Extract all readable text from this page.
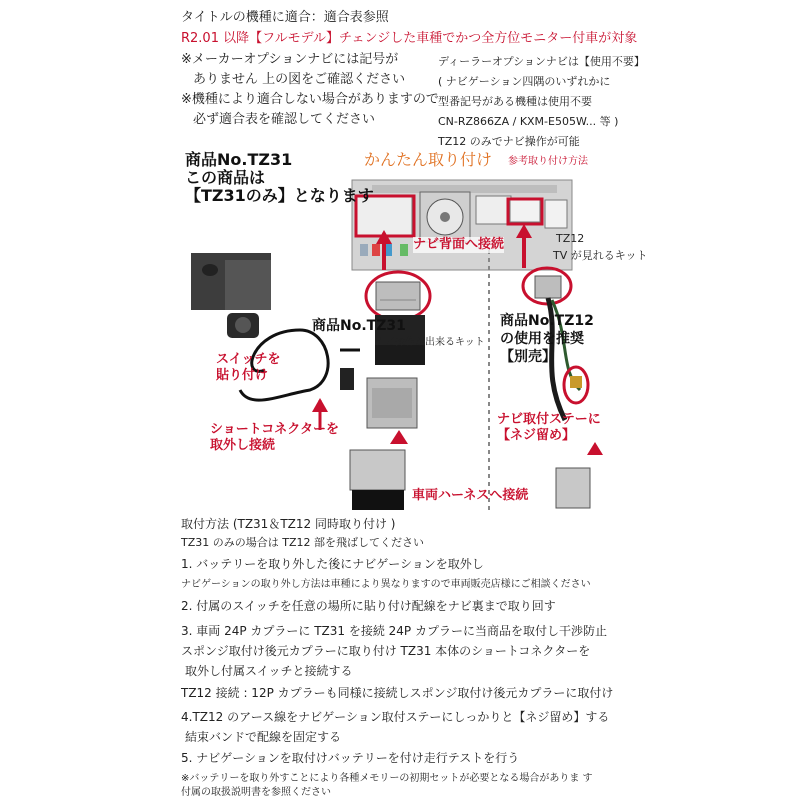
タイトルの機種に適合：適合表参照
R2.01 以降【フルモデル】チェンジした車種でかつ全方位モニター付車が対象
※メーカーオプションナビには記号が
ありません 上の図をご確認ください
※機種により適合しない場合がありますので
必ず適合表を確認してください
ディーラーオプションナビは【使用不要】
( ナビゲーション四隅のいずれかに
型番記号がある機種は使用不要
CN-RZ866ZA / KXM-E505W... 等 )
TZ12 のみでナビ操作が可能
商品No.TZ31
この商品は
【TZ31のみ】となります
かんたん取り付け 参考取り付け方法
ナビ背面へ接続	TZ12
TV が見れるキット
商品No.TZ31
ナビ操作が出来るキット
商品No.TZ12
の使用を推奨
【別売】
スイッチを
貼り付け
ショートコネクターを
取外し接続
ナビ取付ステーに
【ネジ留め】
車両ハーネスへ接続
取付方法 (TZ31＆TZ12 同時取り付け )
TZ31 のみの場合は TZ12 部を飛ばしてください
1. バッテリーを取り外した後にナビゲーションを取外し
ナビゲーションの取り外し方法は車種により異なりますので車両販売店様にご相談ください
2. 付属のスイッチを任意の場所に貼り付け配線をナビ裏まで取り回す
3. 車両 24P カプラーに TZ31 を接続 24P カプラーに当商品を取付し干渉防止
スポンジ取付け後元カプラーに取り付け TZ31 本体のショートコネクターを
取外し付属スイッチと接続する
TZ12 接続 : 12P カプラーも同様に接続しスポンジ取付け後元カプラーに取付け
4.TZ12 のアース線をナビゲーション取付ステーにしっかりと【ネジ留め】する
結束バンドで配線を固定する
5. ナビゲーションを取付けバッテリーを付け走行テストを行う
※バッテリーを取り外すことにより各種メモリーの初期セットが必要となる場合がありま す
付属の取扱説明書を参照ください
